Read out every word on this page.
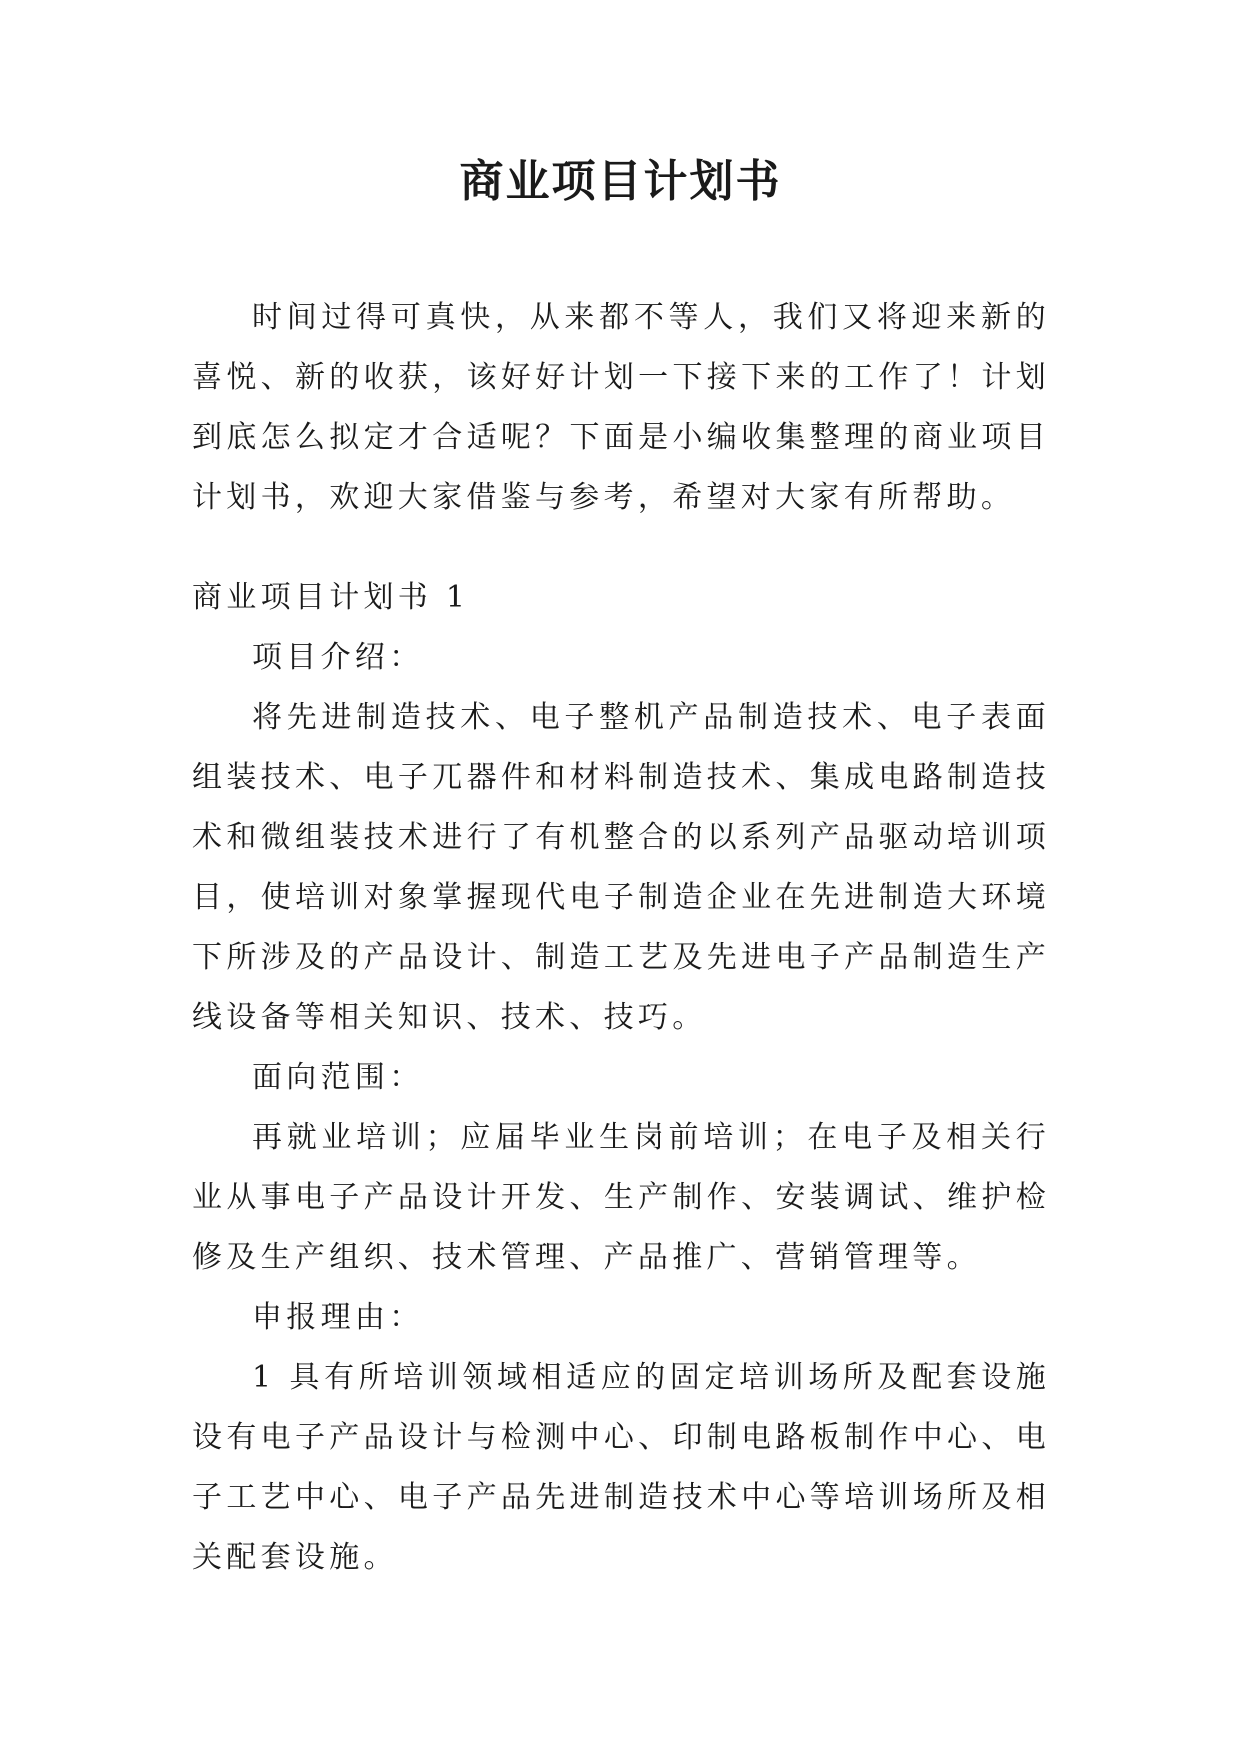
商业项目计划书

时间过得可真快，从来都不等人，我们又将迎来新的喜悦、新的收获，该好好计划一下接下来的工作了！计划到底怎么拟定才合适呢？下面是小编收集整理的商业项目计划书，欢迎大家借鉴与参考，希望对大家有所帮助。

商业项目计划书 1

项目介绍：

将先进制造技术、电子整机产品制造技术、电子表面组装技术、电子兀器件和材料制造技术、集成电路制造技术和微组装技术进行了有机整合的以系列产品驱动培训项目，使培训对象掌握现代电子制造企业在先进制造大环境下所涉及的产品设计、制造工艺及先进电子产品制造生产线设备等相关知识、技术、技巧。

面向范围：

再就业培训；应届毕业生岗前培训；在电子及相关行业从事电子产品设计开发、生产制作、安装调试、维护检修及生产组织、技术管理、产品推广、营销管理等。

申报理由：

1 具有所培训领域相适应的固定培训场所及配套设施设有电子产品设计与检测中心、印制电路板制作中心、电子工艺中心、电子产品先进制造技术中心等培训场所及相关配套设施。
